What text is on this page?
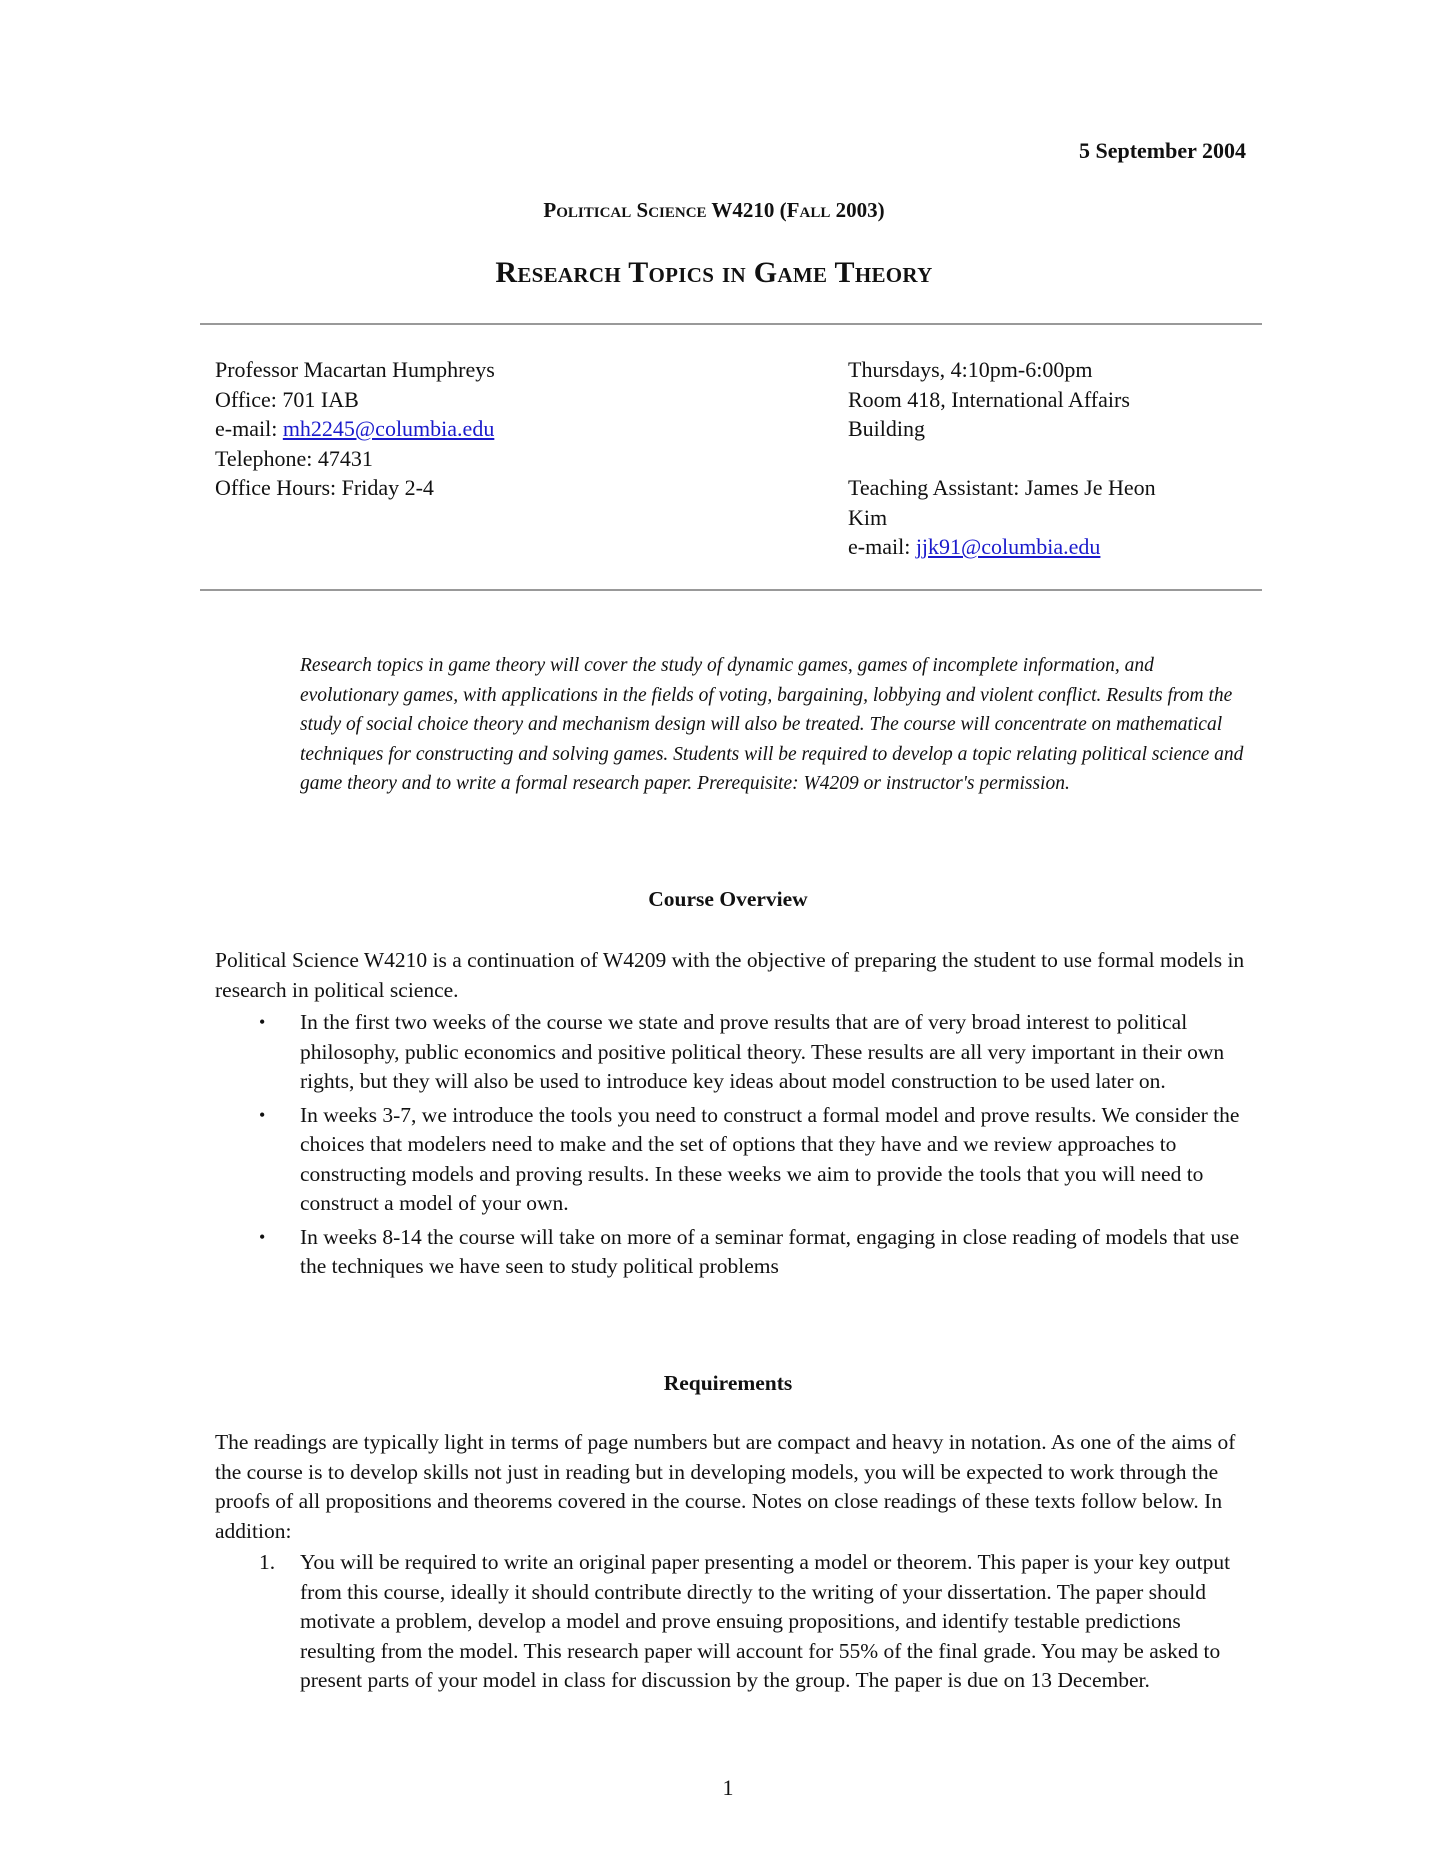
5 September 2004
Political Science W4210 (Fall 2003)
Research Topics in Game Theory
Professor Macartan Humphreys
Office: 701 IAB
e-mail: mh2245@columbia.edu
Telephone: 47431
Office Hours: Friday 2-4
Thursdays, 4:10pm-6:00pm
Room 418, International Affairs
Building
Teaching Assistant: James Je Heon
Kim
e-mail: jjk91@columbia.edu
Research topics in game theory will cover the study of dynamic games, games of incomplete information, and evolutionary games, with applications in the fields of voting, bargaining, lobbying and violent conflict. Results from the study of social choice theory and mechanism design will also be treated. The course will concentrate on mathematical techniques for constructing and solving games. Students will be required to develop a topic relating political science and game theory and to write a formal research paper. Prerequisite: W4209 or instructor's permission.
Course Overview
Political Science W4210 is a continuation of W4209 with the objective of preparing the student to use formal models in research in political science.
• In the first two weeks of the course we state and prove results that are of very broad interest to political philosophy, public economics and positive political theory. These results are all very important in their own rights, but they will also be used to introduce key ideas about model construction to be used later on.
• In weeks 3-7, we introduce the tools you need to construct a formal model and prove results. We consider the choices that modelers need to make and the set of options that they have and we review approaches to constructing models and proving results. In these weeks we aim to provide the tools that you will need to construct a model of your own.
• In weeks 8-14 the course will take on more of a seminar format, engaging in close reading of models that use the techniques we have seen to study political problems
Requirements
The readings are typically light in terms of page numbers but are compact and heavy in notation. As one of the aims of the course is to develop skills not just in reading but in developing models, you will be expected to work through the proofs of all propositions and theorems covered in the course. Notes on close readings of these texts follow below. In addition:
1. You will be required to write an original paper presenting a model or theorem. This paper is your key output from this course, ideally it should contribute directly to the writing of your dissertation. The paper should motivate a problem, develop a model and prove ensuing propositions, and identify testable predictions resulting from the model. This research paper will account for 55% of the final grade. You may be asked to present parts of your model in class for discussion by the group. The paper is due on 13 December.
1
